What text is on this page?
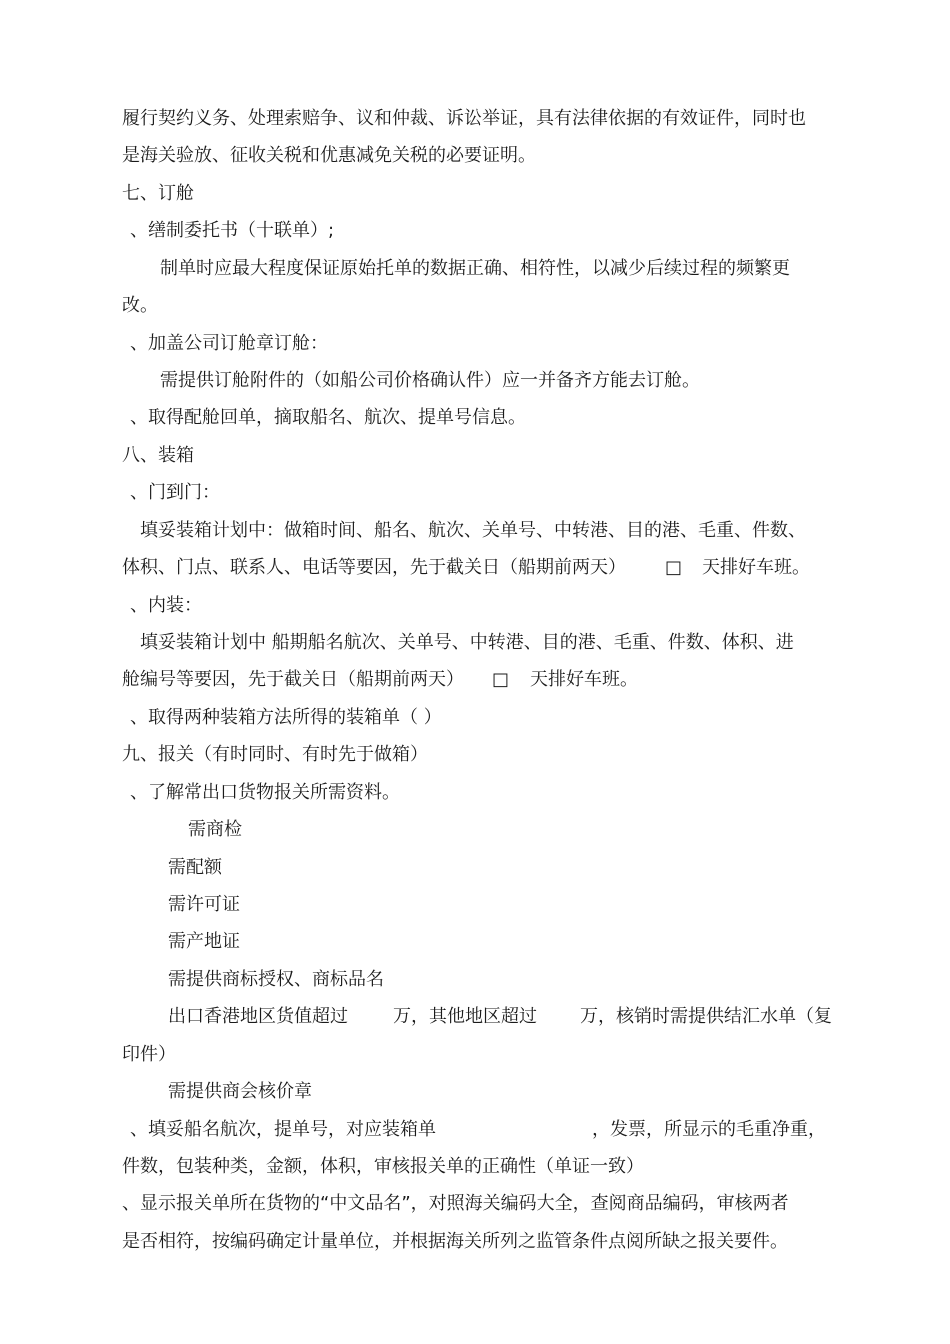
履行契约义务、处理索赔争、议和仲裁、诉讼举证，具有法律依据的有效证件，同时也
是海关验放、征收关税和优惠减免关税的必要证明。
七、订舱
、缮制委托书（十联单）;
制单时应最大程度保证原始托单的数据正确、相符性，以减少后续过程的频繁更
改。
、加盖公司订舱章订舱：
需提供订舱附件的（如船公司价格确认件）应一并备齐方能去订舱。
、取得配舱回单，摘取船名、航次、提单号信息。
八、装箱
、门到门：
填妥装箱计划中：做箱时间、船名、航次、关单号、中转港、目的港、毛重、件数、
体积、门点、联系人、电话等要因，先于截关日（船期前两天） □ 天排好车班。
、内装：
填妥装箱计划中 船期船名航次、关单号、中转港、目的港、毛重、件数、体积、进
舱编号等要因，先于截关日（船期前两天） □ 天排好车班。
、取得两种装箱方法所得的装箱单（ ）
九、报关（有时同时、有时先于做箱）
、了解常出口货物报关所需资料。
需商检
需配额
需许可证
需产地证
需提供商标授权、商标品名
出口香港地区货值超过	万，其他地区超过 万，核销时需提供结汇水单（复
印件）
需提供商会核价章
、填妥船名航次，提单号，对应装箱单	，发票，所显示的毛重净重，
件数，包装种类，金额，体积，审核报关单的正确性（单证一致）
、显示报关单所在货物的“中文品名”，对照海关编码大全，查阅商品编码，审核两者
是否相符，按编码确定计量单位，并根据海关所列之监管条件点阅所缺之报关要件。
